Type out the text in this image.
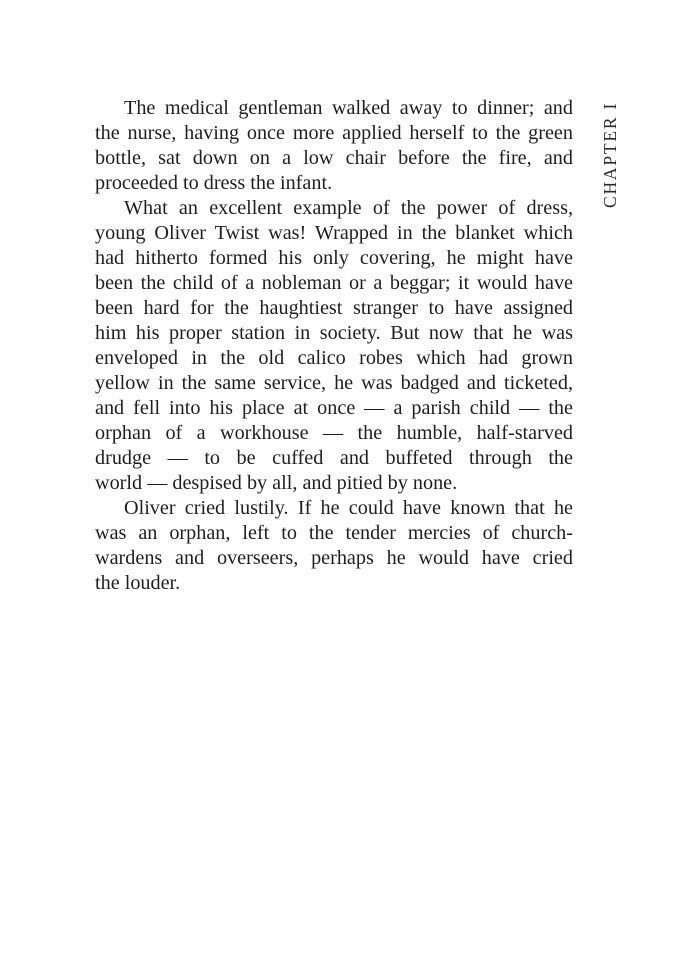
CHAPTER I
The medical gentleman walked away to dinner; and
the nurse, having once more applied herself to the green
bottle, sat down on a low chair before the fire, and
proceeded to dress the infant.
What an excellent example of the power of dress,
young Oliver Twist was! Wrapped in the blanket which
had hitherto formed his only covering, he might have
been the child of a nobleman or a beggar; it would have
been hard for the haughtiest stranger to have assigned
him his proper station in society. But now that he was
enveloped in the old calico robes which had grown
yellow in the same service, he was badged and ticketed,
and fell into his place at once — a parish child — the
orphan of a workhouse — the humble, half-starved
drudge — to be cuffed and buffeted through the
world — despised by all, and pitied by none.
Oliver cried lustily. If he could have known that he
was an orphan, left to the tender mercies of church-
wardens and overseers, perhaps he would have cried
the louder.
